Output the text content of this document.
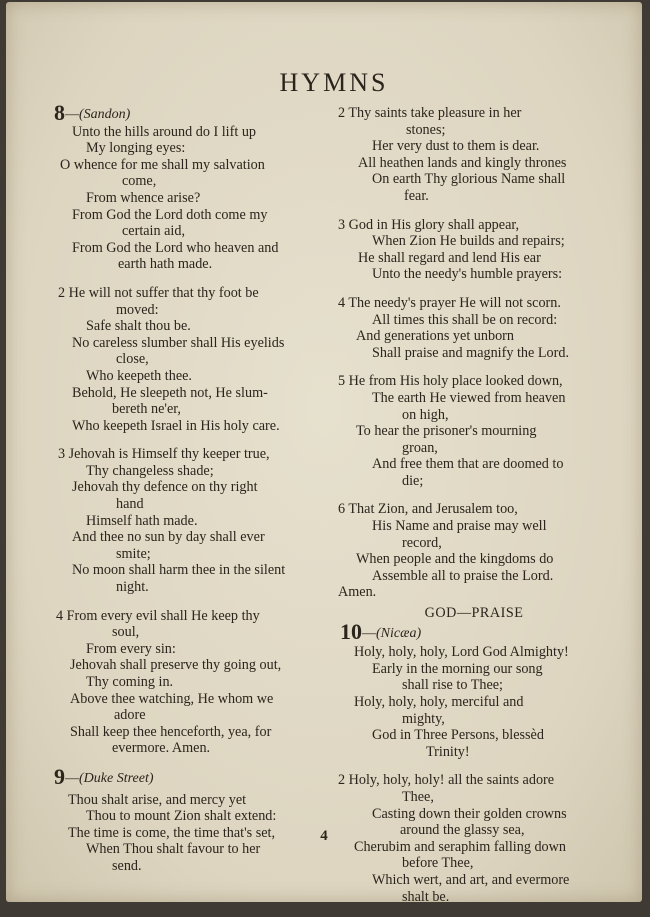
HYMNS
8—(Sandon)
Unto the hills around do I lift up
My longing eyes:
O whence for me shall my salvation
come,
From whence arise?
From God the Lord doth come my
certain aid,
From God the Lord who heaven and
earth hath made.
2 He will not suffer that thy foot be
moved:
Safe shalt thou be.
No careless slumber shall His eyelids
close,
Who keepeth thee.
Behold, He sleepeth not, He slum-
bereth ne'er,
Who keepeth Israel in His holy care.
3 Jehovah is Himself thy keeper true,
Thy changeless shade;
Jehovah thy defence on thy right
hand
Himself hath made.
And thee no sun by day shall ever
smite;
No moon shall harm thee in the silent
night.
4 From every evil shall He keep thy
soul,
From every sin:
Jehovah shall preserve thy going out,
Thy coming in.
Above thee watching, He whom we
adore
Shall keep thee henceforth, yea, for
evermore. Amen.
9—(Duke Street)
Thou shalt arise, and mercy yet
Thou to mount Zion shalt extend:
The time is come, the time that's set,
When Thou shalt favour to her
send.
2 Thy saints take pleasure in her
stones;
Her very dust to them is dear.
All heathen lands and kingly thrones
On earth Thy glorious Name shall
fear.
3 God in His glory shall appear,
When Zion He builds and repairs;
He shall regard and lend His ear
Unto the needy's humble prayers:
4 The needy's prayer He will not scorn.
All times this shall be on record:
And generations yet unborn
Shall praise and magnify the Lord.
5 He from His holy place looked down,
The earth He viewed from heaven
on high,
To hear the prisoner's mourning
groan,
And free them that are doomed to
die;
6 That Zion, and Jerusalem too,
His Name and praise may well
record,
When people and the kingdoms do
Assemble all to praise the Lord.
Amen.
GOD—PRAISE
10—(Nicæa)
Holy, holy, holy, Lord God Almighty!
Early in the morning our song
shall rise to Thee;
Holy, holy, holy, merciful and
mighty,
God in Three Persons, blessèd
Trinity!
2 Holy, holy, holy! all the saints adore
Thee,
Casting down their golden crowns
around the glassy sea,
Cherubim and seraphim falling down
before Thee,
Which wert, and art, and evermore
shalt be.
4
